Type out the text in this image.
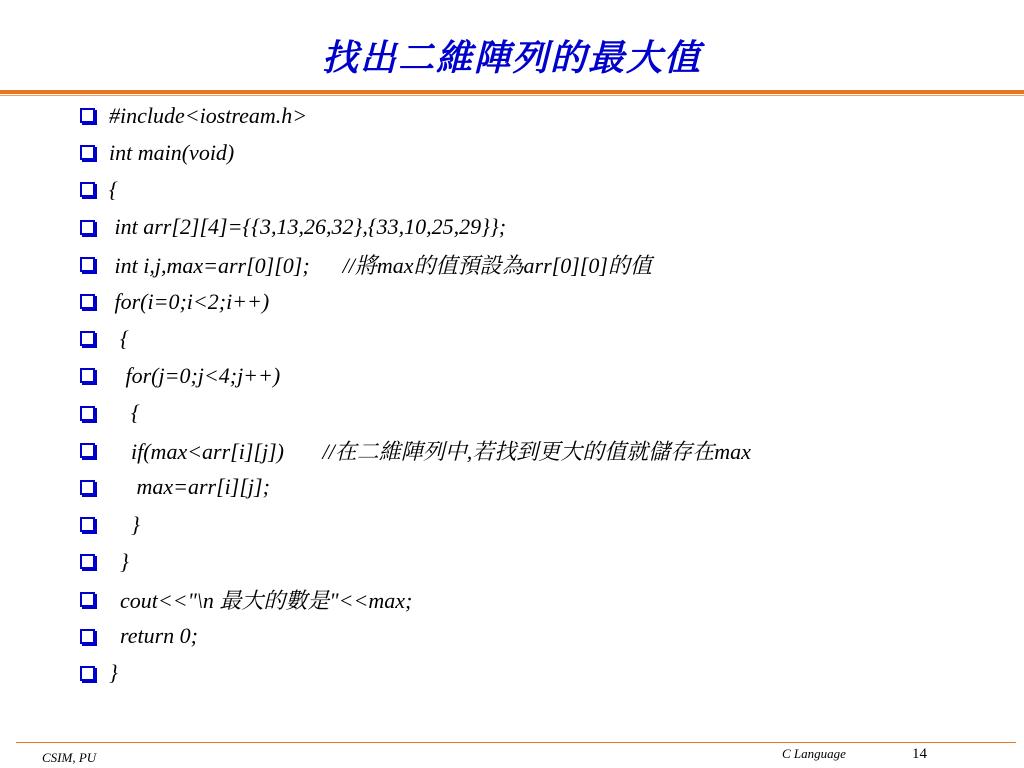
找出二維陣列的最大值
#include<iostream.h>
int main(void)
{
int arr[2][4]={{3,13,26,32},{33,10,25,29}};
int i,j,max=arr[0][0];      //將max的值預設為arr[0][0]的值
for(i=0;i<2;i++)
{
for(j=0;j<4;j++)
{
if(max<arr[i][j])       //在二維陣列中,若找到更大的值就儲存在max
max=arr[i][j];
}
}
cout<<"\n 最大的數是"<<max;
return 0;
}
CSIM, PU	C Language	14
